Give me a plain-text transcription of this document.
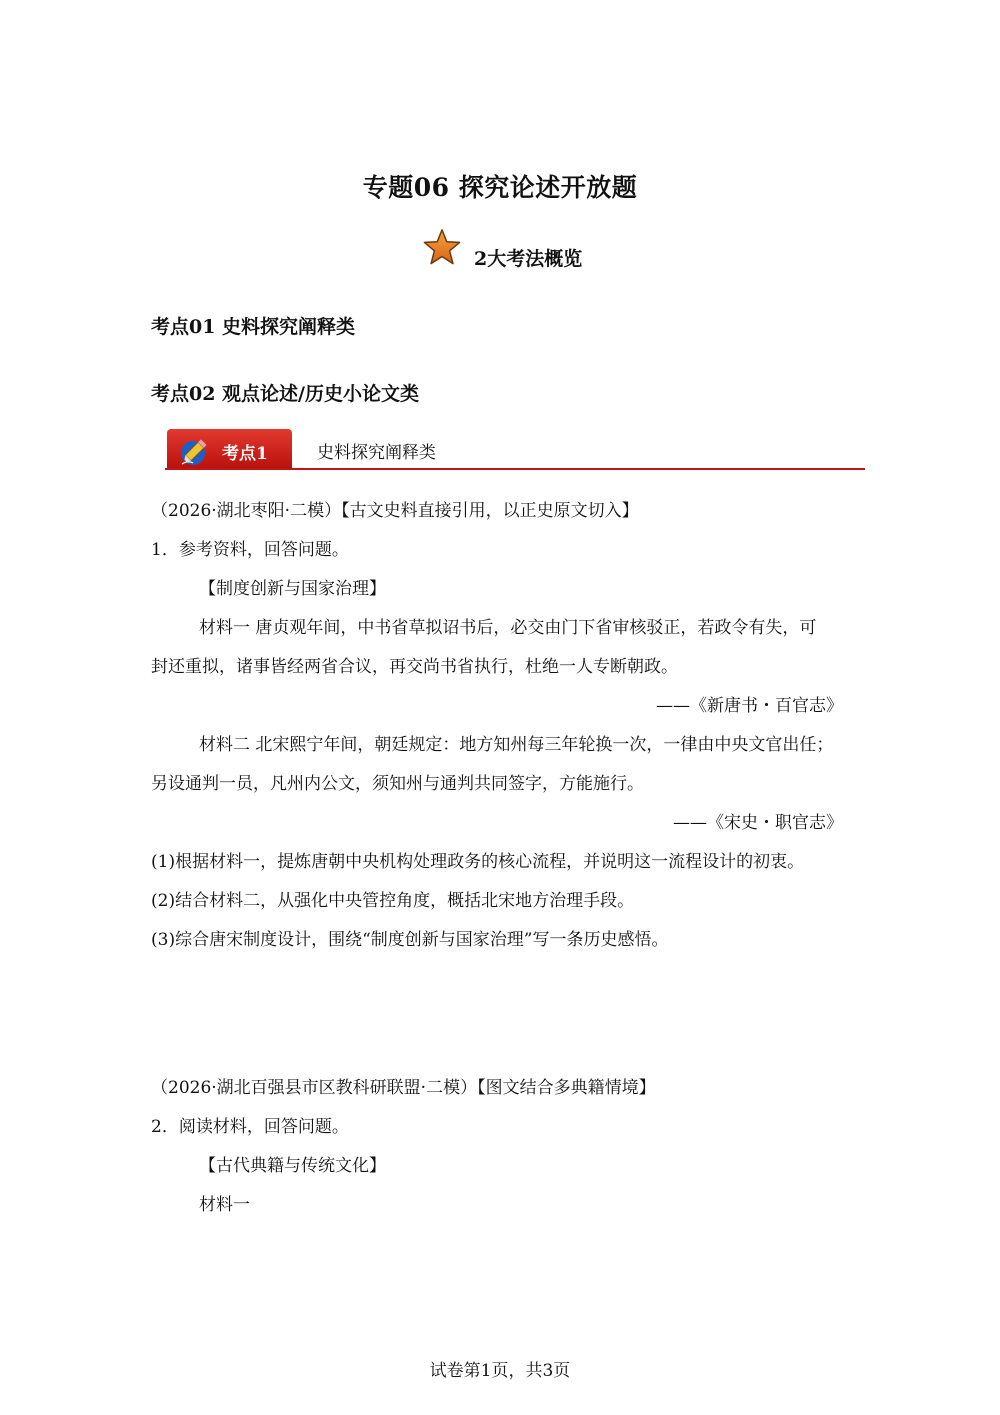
专题06 探究论述开放题
2大考法概览
考点01 史料探究阐释类
考点02 观点论述/历史小论文类
考点1	史料探究阐释类
（2026·湖北枣阳·二模）【古文史料直接引用，以正史原文切入】
1．参考资料，回答问题。
【制度创新与国家治理】
材料一 唐贞观年间，中书省草拟诏书后，必交由门下省审核驳正，若政令有失，可
封还重拟，诸事皆经两省合议，再交尚书省执行，杜绝一人专断朝政。
——《新唐书・百官志》
材料二 北宋熙宁年间，朝廷规定：地方知州每三年轮换一次，一律由中央文官出任；
另设通判一员，凡州内公文，须知州与通判共同签字，方能施行。
——《宋史・职官志》
(1)根据材料一，提炼唐朝中央机构处理政务的核心流程，并说明这一流程设计的初衷。
(2)结合材料二，从强化中央管控角度，概括北宋地方治理手段。
(3)综合唐宋制度设计，围绕“制度创新与国家治理”写一条历史感悟。
（2026·湖北百强县市区教科研联盟·二模）【图文结合多典籍情境】
2．阅读材料，回答问题。
【古代典籍与传统文化】
材料一
试卷第1页，共3页
